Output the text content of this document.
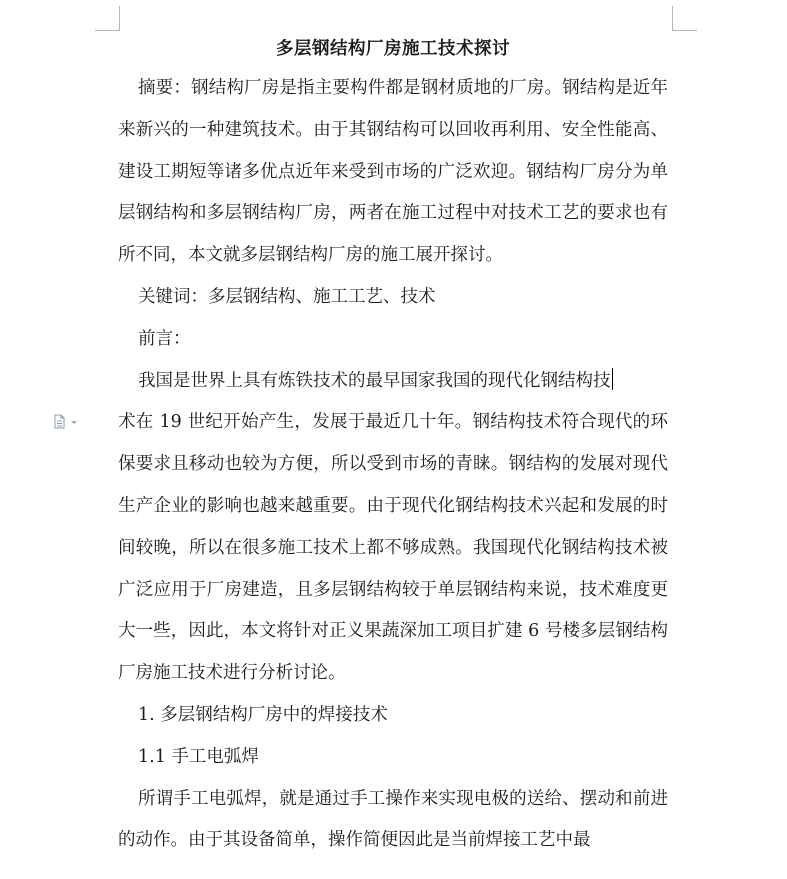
多层钢结构厂房施工技术探讨

摘要：钢结构厂房是指主要构件都是钢材质地的厂房。钢结构是近年来新兴的一种建筑技术。由于其钢结构可以回收再利用、安全性能高、建设工期短等诸多优点近年来受到市场的广泛欢迎。钢结构厂房分为单层钢结构和多层钢结构厂房，两者在施工过程中对技术工艺的要求也有所不同，本文就多层钢结构厂房的施工展开探讨。

关键词：多层钢结构、施工工艺、技术

前言：

我国是世界上具有炼铁技术的最早国家我国的现代化钢结构技

术在 19 世纪开始产生，发展于最近几十年。钢结构技术符合现代的环保要求且移动也较为方便，所以受到市场的青睐。钢结构的发展对现代生产企业的影响也越来越重要。由于现代化钢结构技术兴起和发展的时间较晚，所以在很多施工技术上都不够成熟。我国现代化钢结构技术被广泛应用于厂房建造，且多层钢结构较于单层钢结构来说，技术难度更大一些，因此，本文将针对正义果蔬深加工项目扩建 6 号楼多层钢结构厂房施工技术进行分析讨论。

1. 多层钢结构厂房中的焊接技术

1.1 手工电弧焊

所谓手工电弧焊，就是通过手工操作来实现电极的送给、摆动和前进的动作。由于其设备简单，操作简便因此是当前焊接工艺中最
